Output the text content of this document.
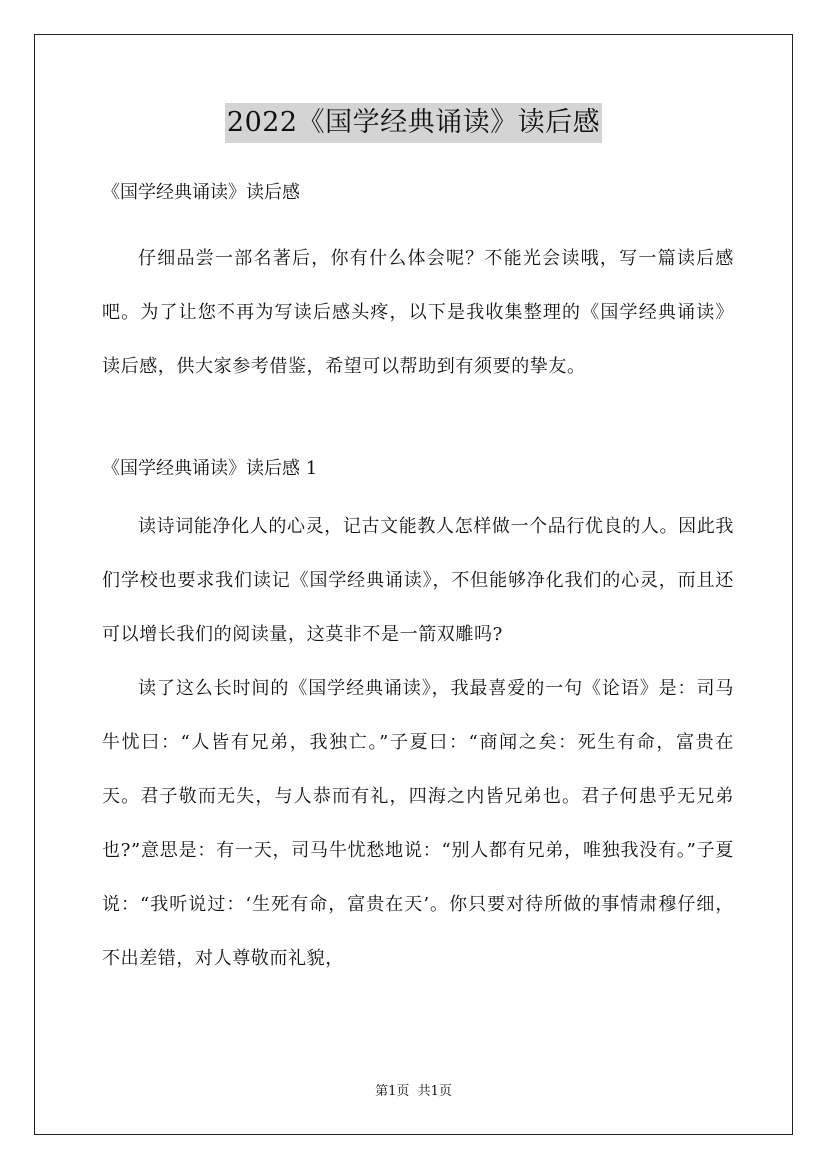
2022《国学经典诵读》读后感
《国学经典诵读》读后感

仔细品尝一部名著后，你有什么体会呢？不能光会读哦，写一篇读后感吧。为了让您不再为写读后感头疼，以下是我收集整理的《国学经典诵读》读后感，供大家参考借鉴，希望可以帮助到有须要的挚友。

《国学经典诵读》读后感 1

读诗词能净化人的心灵，记古文能教人怎样做一个品行优良的人。因此我们学校也要求我们读记《国学经典诵读》，不但能够净化我们的心灵，而且还可以增长我们的阅读量，这莫非不是一箭双雕吗?

读了这么长时间的《国学经典诵读》，我最喜爱的一句《论语》是：司马牛忧曰：“人皆有兄弟，我独亡。”子夏曰：“商闻之矣：死生有命，富贵在天。君子敬而无失，与人恭而有礼，四海之内皆兄弟也。君子何患乎无兄弟也?”意思是：有一天，司马牛忧愁地说：“别人都有兄弟，唯独我没有。”子夏说：“我听说过：‘生死有命，富贵在天’。你只要对待所做的事情肃穆仔细，不出差错，对人尊敬而礼貌，

第1页 共1页
